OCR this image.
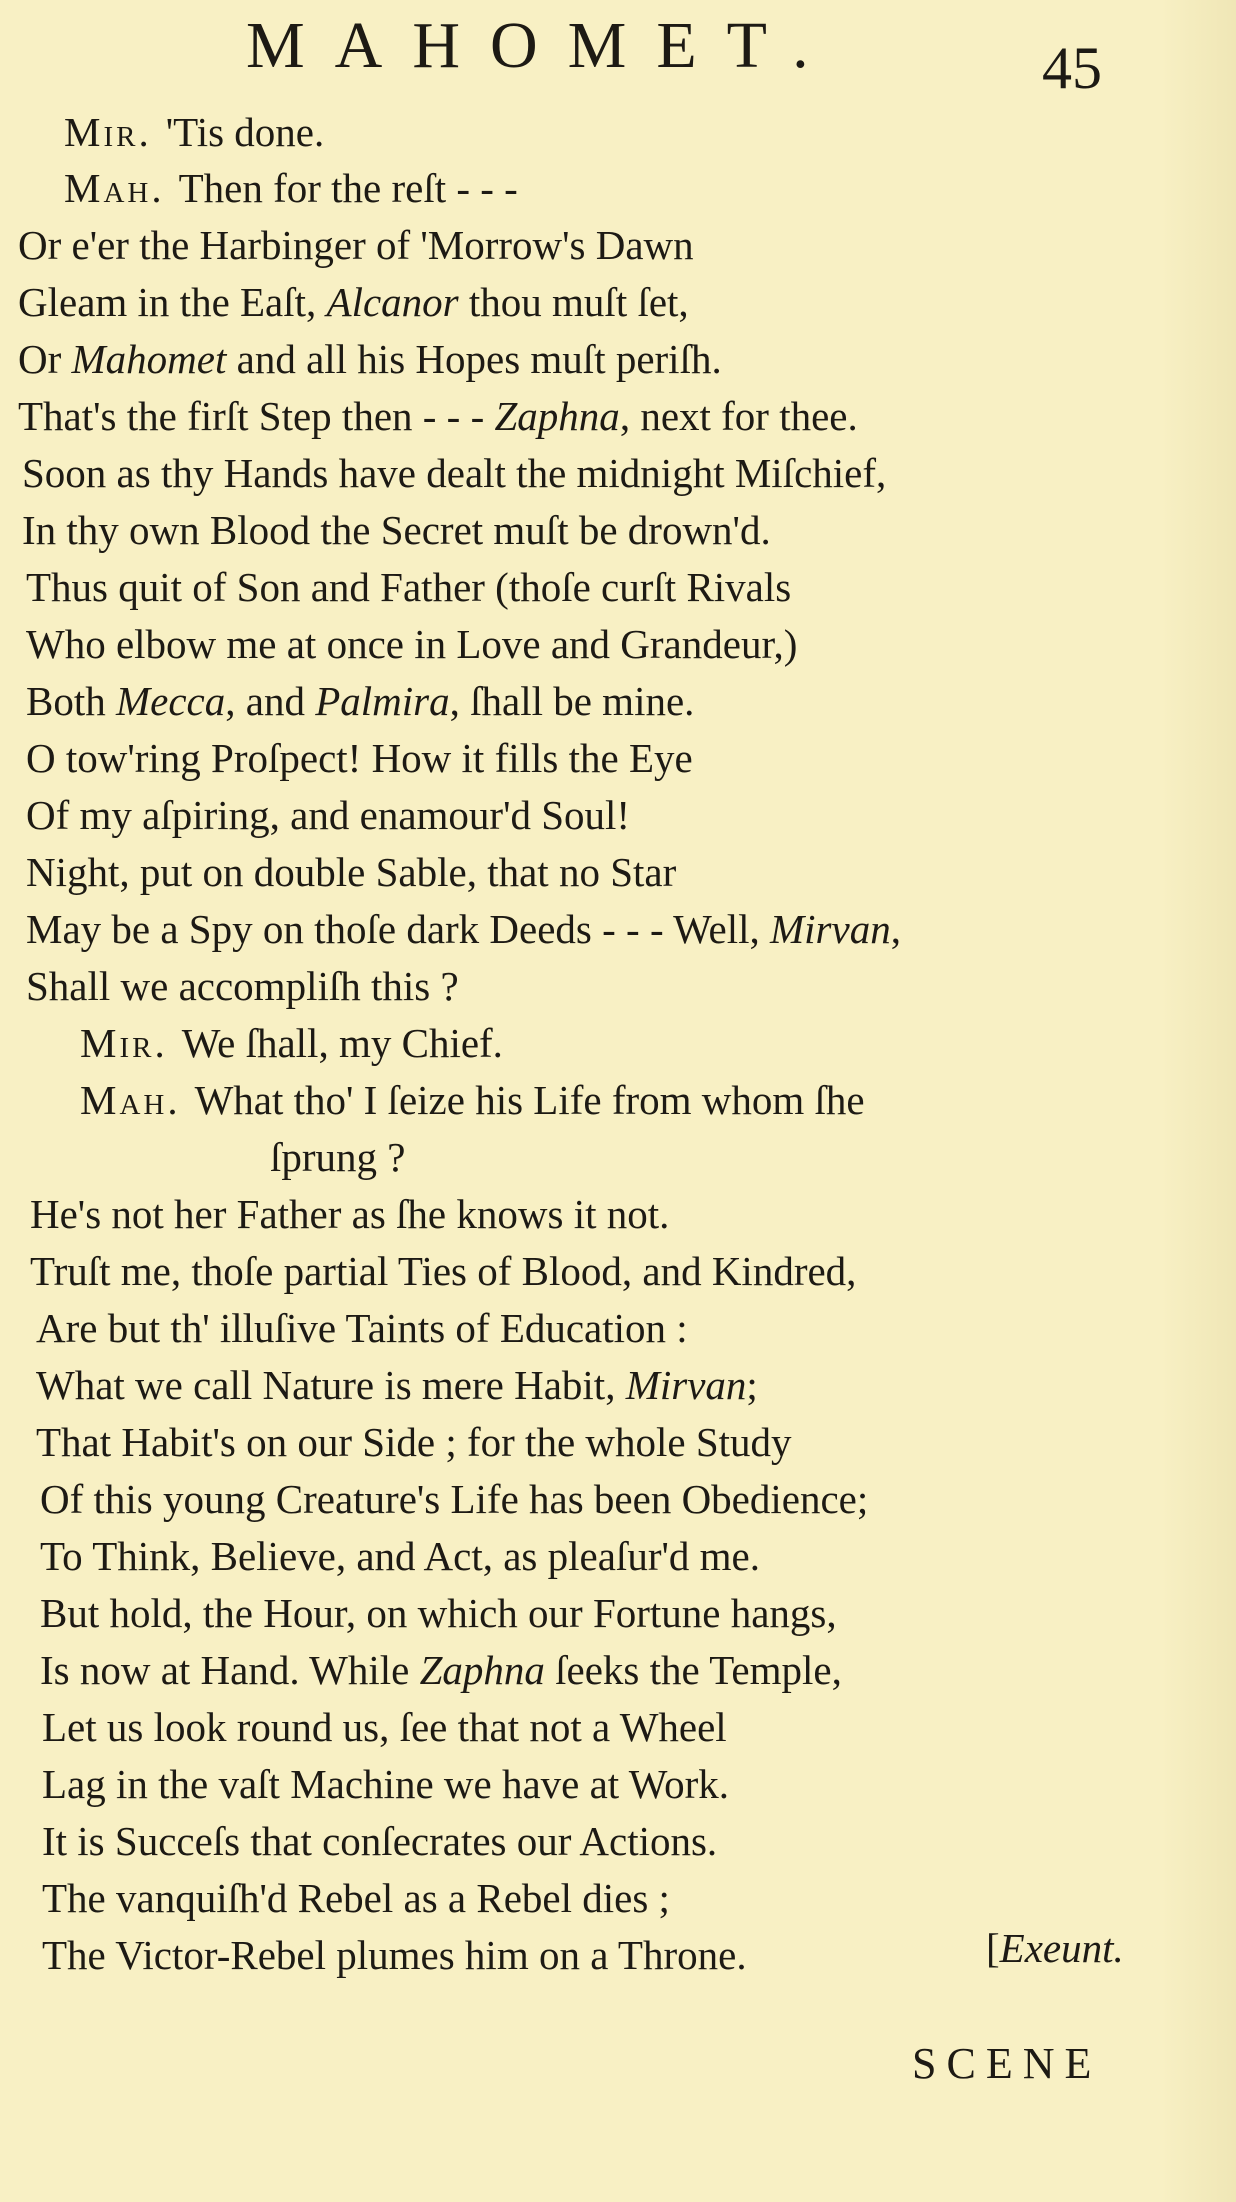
MAHOMET.	45
Mir. 'Tis done.
Mah. Then for the reſt - - -
Or e'er the Harbinger of 'Morrow's Dawn
Gleam in the Eaſt, Alcanor thou muſt ſet,
Or Mahomet and all his Hopes muſt periſh.
That's the firſt Step then - - - Zaphna, next for thee.
Soon as thy Hands have dealt the midnight Miſchief,
In thy own Blood the Secret muſt be drown'd.
Thus quit of Son and Father (thoſe curſt Rivals
Who elbow me at once in Love and Grandeur,)
Both Mecca, and Palmira, ſhall be mine.
O tow'ring Proſpect! How it fills the Eye
Of my aſpiring, and enamour'd Soul!
Night, put on double Sable, that no Star
May be a Spy on thoſe dark Deeds - - - Well, Mirvan,
Shall we accompliſh this ?
Mir. We ſhall, my Chief.
Mah. What tho' I ſeize his Life from whom ſhe
ſprung ?
He's not her Father as ſhe knows it not.
Truſt me, thoſe partial Ties of Blood, and Kindred,
Are but th' illuſive Taints of Education :
What we call Nature is mere Habit, Mirvan;
That Habit's on our Side ; for the whole Study
Of this young Creature's Life has been Obedience;
To Think, Believe, and Act, as pleaſur'd me.
But hold, the Hour, on which our Fortune hangs,
Is now at Hand. While Zaphna ſeeks the Temple,
Let us look round us, ſee that not a Wheel
Lag in the vaſt Machine we have at Work.
It is Succeſs that conſecrates our Actions.
The vanquiſh'd Rebel as a Rebel dies ;
The Victor-Rebel plumes him on a Throne.	[Exeunt.
SCENE
